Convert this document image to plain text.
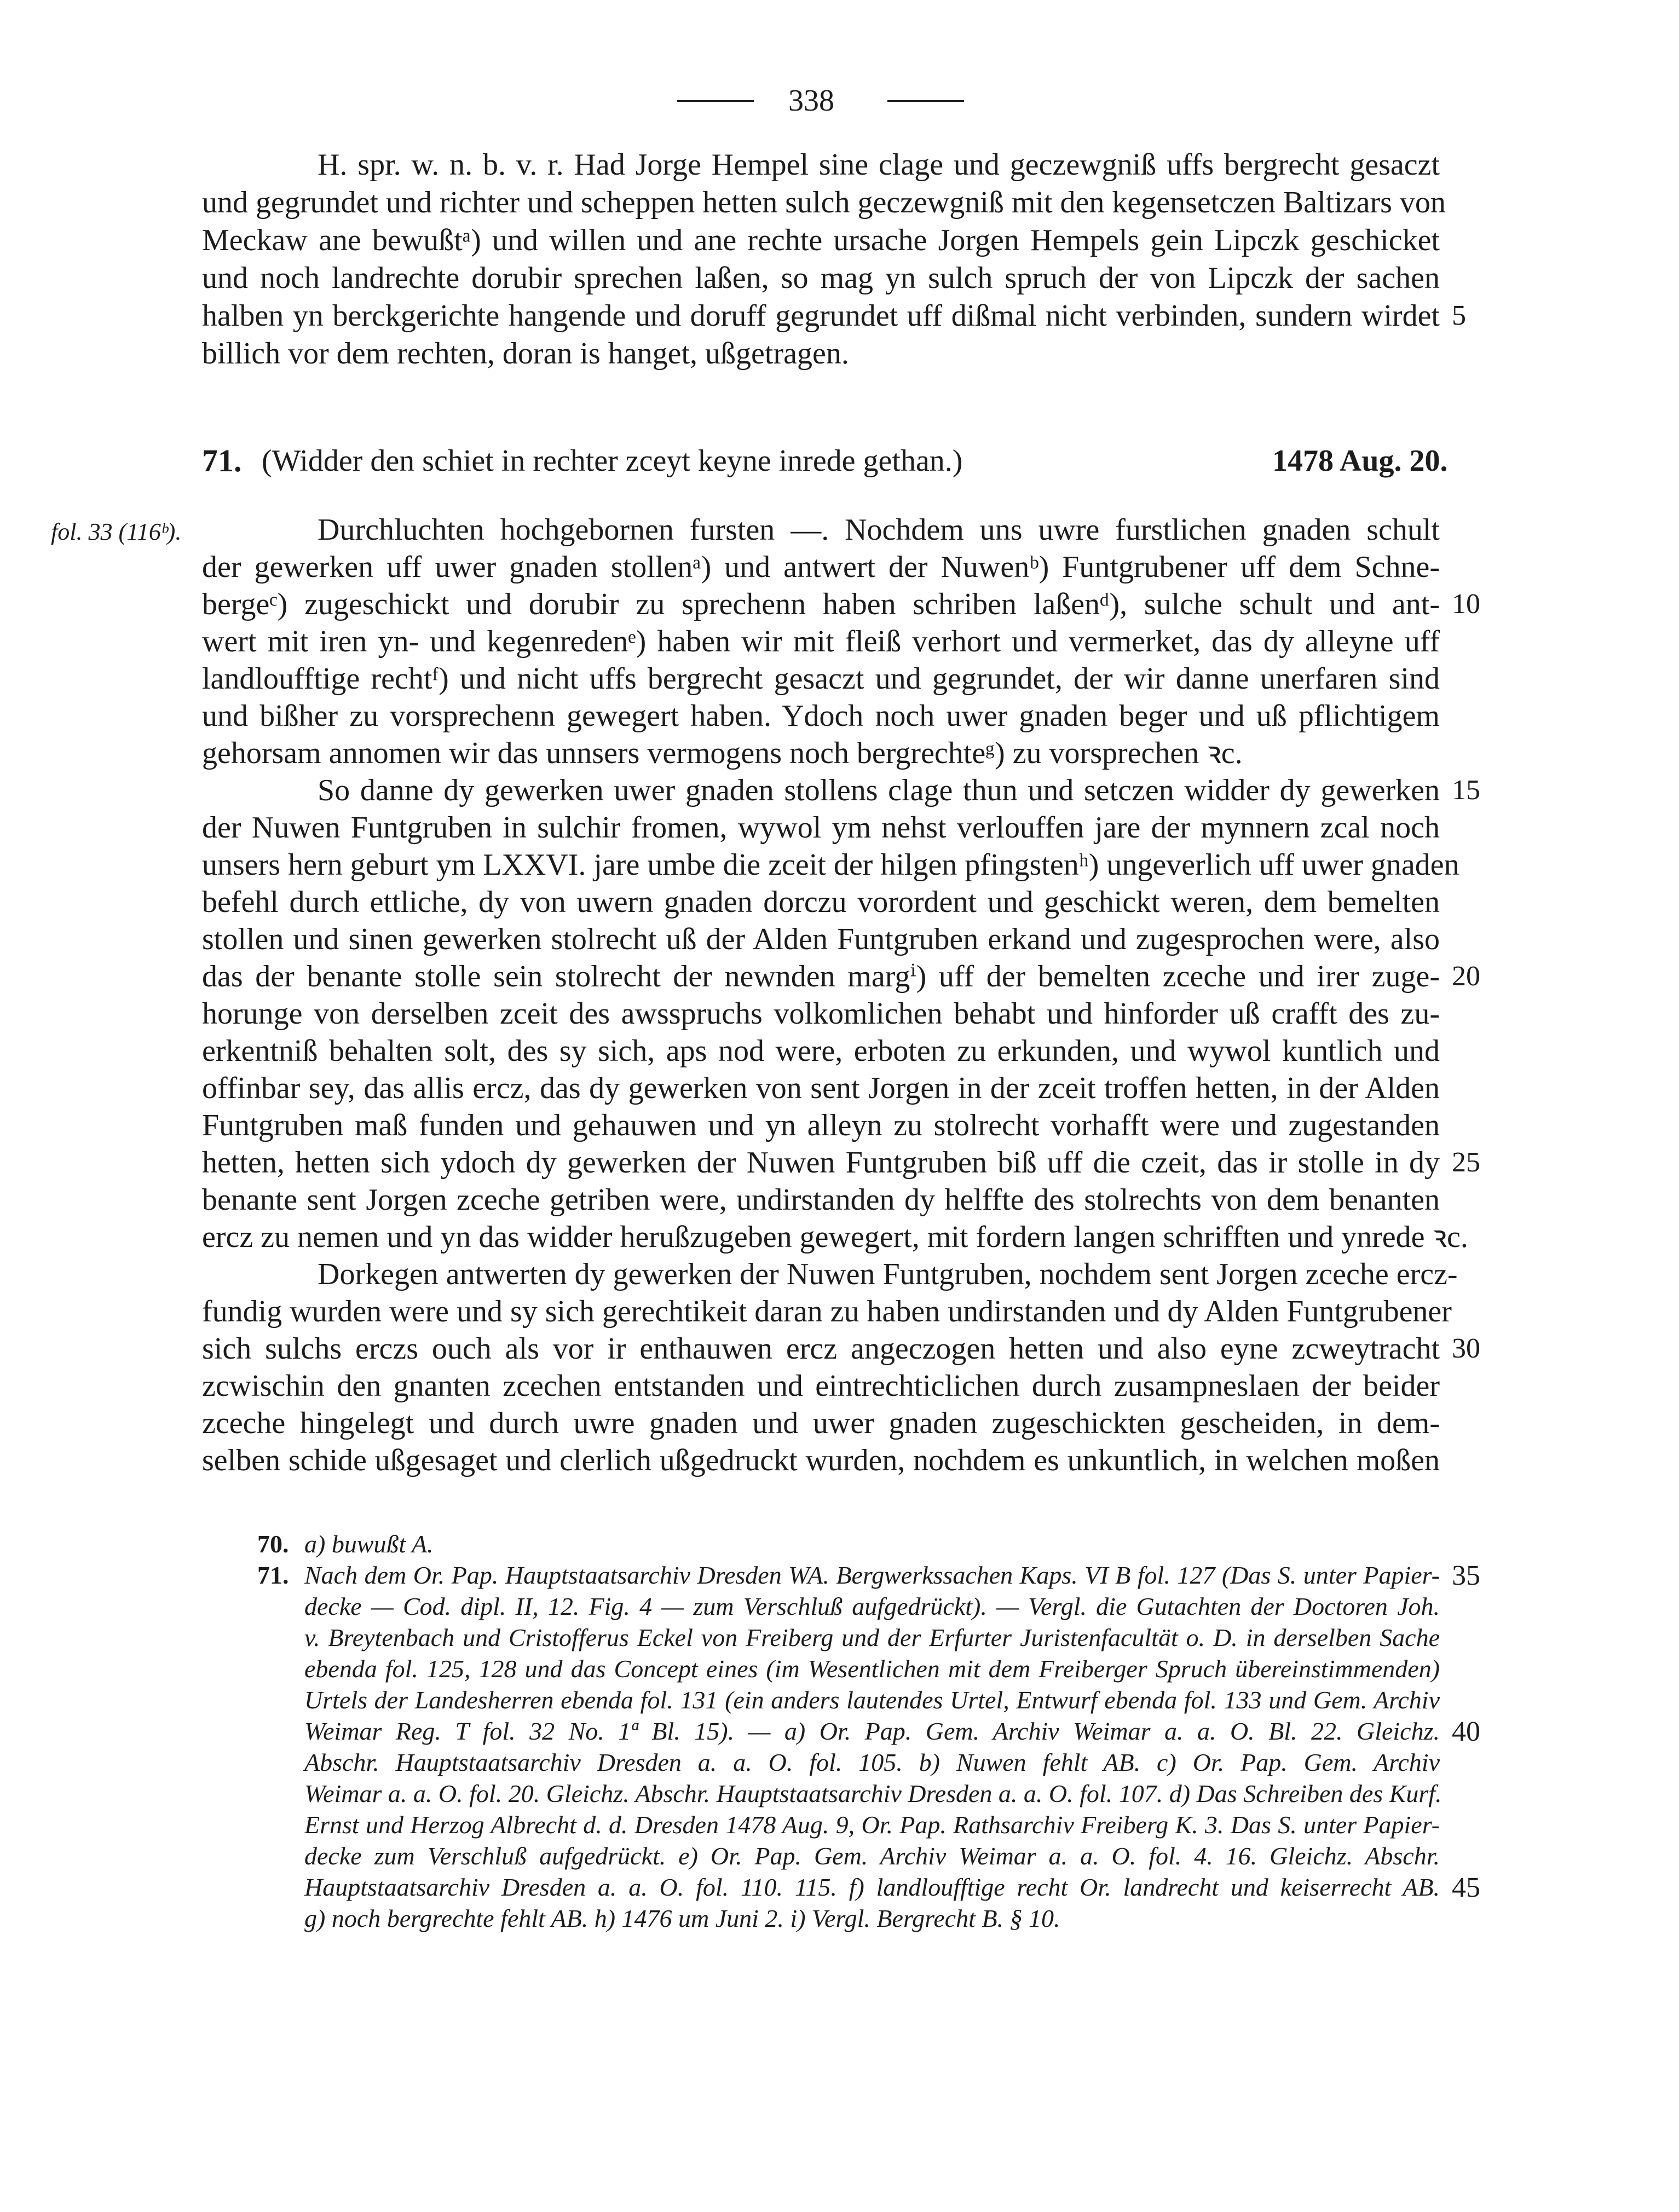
338
H. spr. w. n. b. v. r. Had Jorge Hempel sine clage und geczewgniß uffs bergrecht gesaczt
und gegrundet und richter und scheppen hetten sulch geczewgniß mit den kegensetczen Baltizars von
Meckaw ane bewußtᵃ) und willen und ane rechte ursache Jorgen Hempels gein Lipczk geschicket
und noch landrechte dorubir sprechen laßen, so mag yn sulch spruch der von Lipczk der sachen
halben yn berckgerichte hangende und doruff gegrundet uff dißmal nicht verbinden, sundern wirdet
billich vor dem rechten, doran is hanget, ußgetragen.
71. (Widder den schiet in rechter zceyt keyne inrede gethan.)	1478 Aug. 20.
fol. 33 (116ᵇ).	Durchluchten hochgebornen fursten —. Nochdem uns uwre furstlichen gnaden schult
der gewerken uff uwer gnaden stollenᵃ) und antwert der Nuwenᵇ) Funtgrubener uff dem Schne-
bergeᶜ) zugeschickt und dorubir zu sprechenn haben schriben laßenᵈ), sulche schult und ant-
wert mit iren yn- und kegenredenᵉ) haben wir mit fleiß verhort und vermerket, das dy alleyne uff
landloufftige rechtᶠ) und nicht uffs bergrecht gesaczt und gegrundet, der wir danne unerfaren sind
und bißher zu vorsprechenn gewegert haben. Ydoch noch uwer gnaden beger und uß pflichtigem
gehorsam annomen wir das unnsers vermogens noch bergrechteᵍ) zu vorsprechen ꝛc.
So danne dy gewerken uwer gnaden stollens clage thun und setczen widder dy gewerken
der Nuwen Funtgruben in sulchir fromen, wywol ym nehst verlouffen jare der mynnern zcal noch
unsers hern geburt ym LXXVI. jare umbe die zceit der hilgen pfingstenʰ) ungeverlich uff uwer gnaden
befehl durch ettliche, dy von uwern gnaden dorczu vorordent und geschickt weren, dem bemelten
stollen und sinen gewerken stolrecht uß der Alden Funtgruben erkand und zugesprochen were, also
das der benante stolle sein stolrecht der newnden margⁱ) uff der bemelten zceche und irer zuge-
horunge von derselben zceit des awsspruchs volkomlichen behabt und hinforder uß crafft des zu-
erkentniß behalten solt, des sy sich, aps nod were, erboten zu erkunden, und wywol kuntlich und
offinbar sey, das allis ercz, das dy gewerken von sent Jorgen in der zceit troffen hetten, in der Alden
Funtgruben maß funden und gehauwen und yn alleyn zu stolrecht vorhafft were und zugestanden
hetten, hetten sich ydoch dy gewerken der Nuwen Funtgruben biß uff die czeit, das ir stolle in dy
benante sent Jorgen zceche getriben were, undirstanden dy helffte des stolrechts von dem benanten
ercz zu nemen und yn das widder herußzugeben gewegert, mit fordern langen schrifften und ynrede ꝛc.
Dorkegen antwerten dy gewerken der Nuwen Funtgruben, nochdem sent Jorgen zceche ercz-
fundig wurden were und sy sich gerechtikeit daran zu haben undirstanden und dy Alden Funtgrubener
sich sulchs erczs ouch als vor ir enthauwen ercz angeczogen hetten und also eyne zcweytracht
zcwischin den gnanten zcechen entstanden und eintrechticlichen durch zusampneslaen der beider
zceche hingelegt und durch uwre gnaden und uwer gnaden zugeschickten gescheiden, in dem-
selben schide ußgesaget und clerlich ußgedruckt wurden, nochdem es unkuntlich, in welchen moßen
70. a) buwußt A.
71. Nach dem Or. Pap. Hauptstaatsarchiv Dresden WA. Bergwerkssachen Kaps. VI B fol. 127 (Das S. unter Papier-
decke — Cod. dipl. II, 12. Fig. 4 — zum Verschluß aufgedrückt). — Vergl. die Gutachten der Doctoren Joh.
v. Breytenbach und Cristofferus Eckel von Freiberg und der Erfurter Juristenfacultät o. D. in derselben Sache
ebenda fol. 125, 128 und das Concept eines (im Wesentlichen mit dem Freiberger Spruch übereinstimmenden)
Urtels der Landesherren ebenda fol. 131 (ein anders lautendes Urtel, Entwurf ebenda fol. 133 und Gem. Archiv
Weimar Reg. T fol. 32 No. 1ª Bl. 15). — a) Or. Pap. Gem. Archiv Weimar a. a. O. Bl. 22. Gleichz.
Abschr. Hauptstaatsarchiv Dresden a. a. O. fol. 105. b) Nuwen fehlt AB. c) Or. Pap. Gem. Archiv
Weimar a. a. O. fol. 20. Gleichz. Abschr. Hauptstaatsarchiv Dresden a. a. O. fol. 107. d) Das Schreiben des Kurf.
Ernst und Herzog Albrecht d. d. Dresden 1478 Aug. 9, Or. Pap. Rathsarchiv Freiberg K. 3. Das S. unter Papier-
decke zum Verschluß aufgedrückt. e) Or. Pap. Gem. Archiv Weimar a. a. O. fol. 4. 16. Gleichz. Abschr.
Hauptstaatsarchiv Dresden a. a. O. fol. 110. 115. f) landloufftige recht Or. landrecht und keiserrecht AB.
g) noch bergrechte fehlt AB. h) 1476 um Juni 2. i) Vergl. Bergrecht B. § 10.
5
10
15
20
25
30
35
40
45
